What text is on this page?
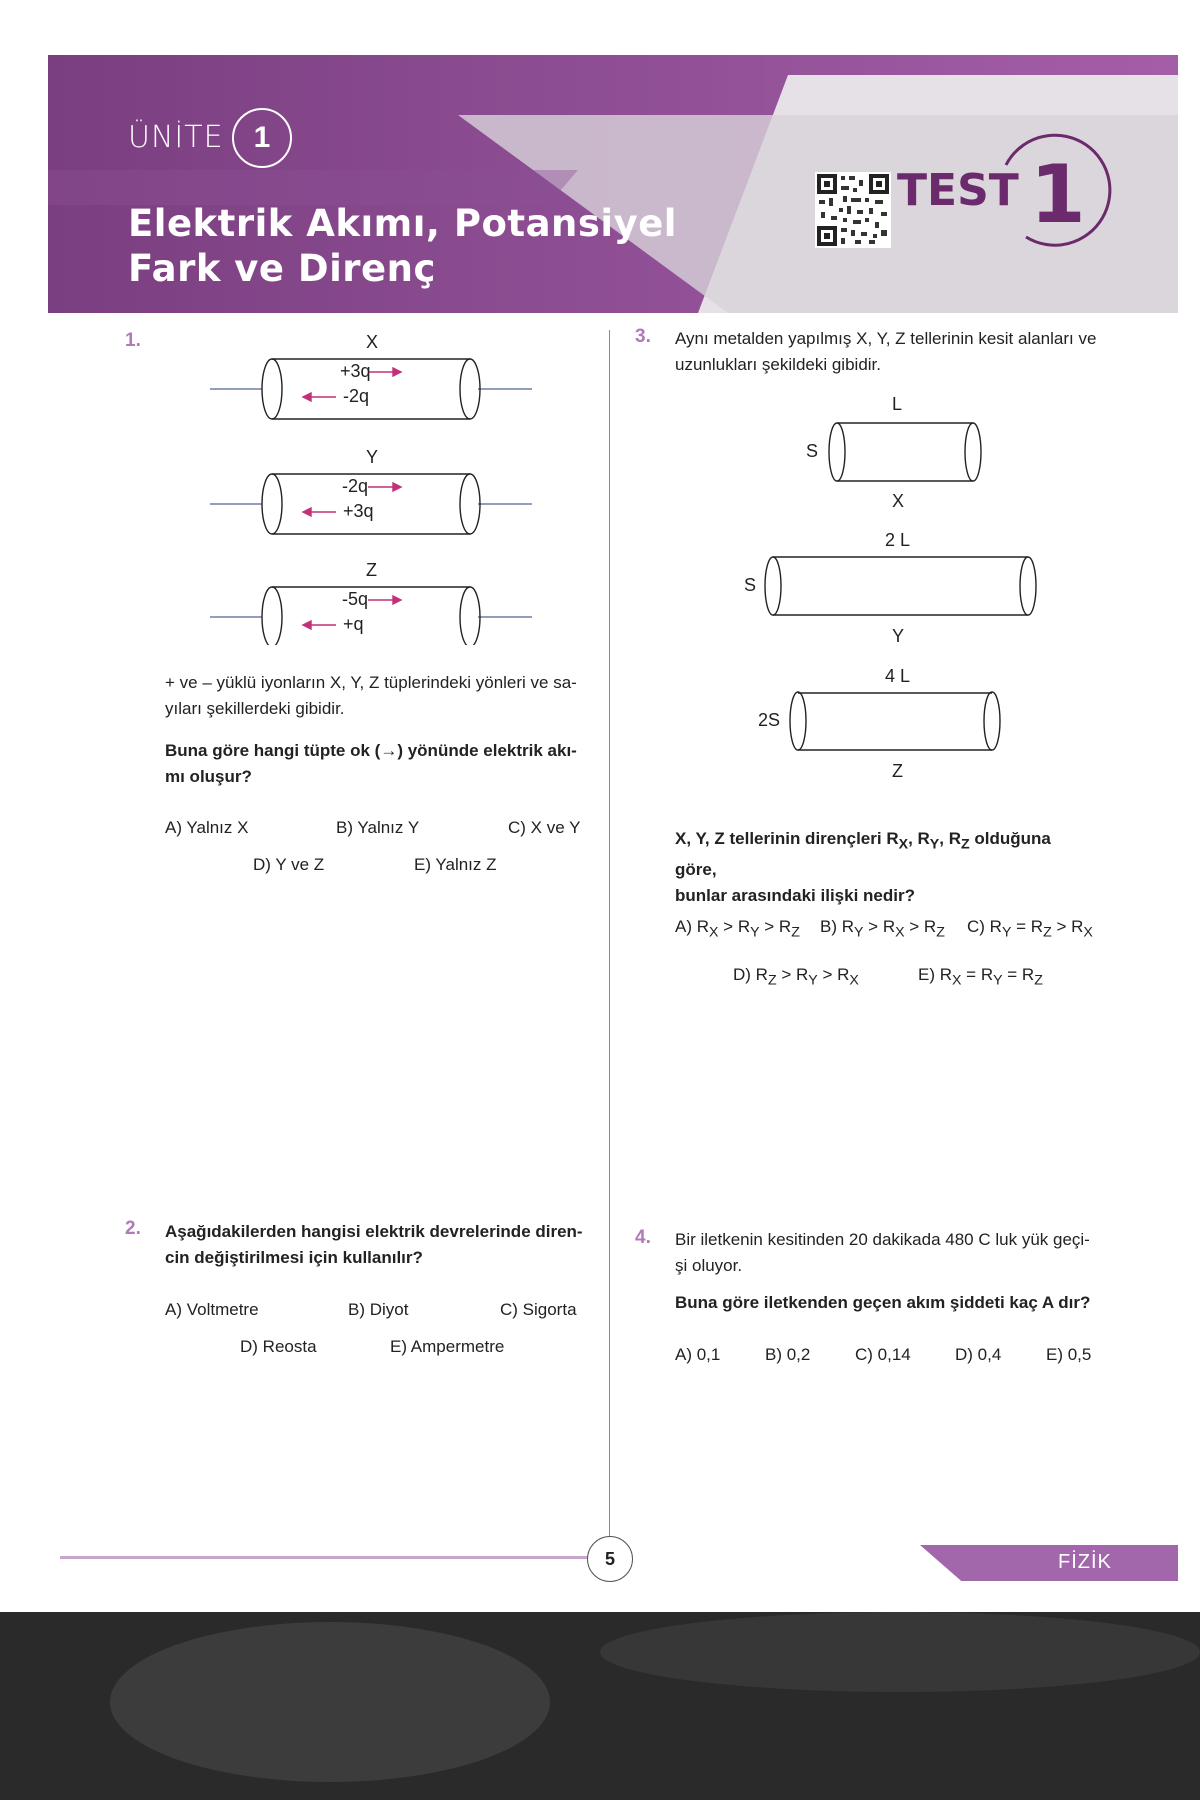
ÜNİTE	1
Elektrik Akımı, Potansiyel
Fark ve Direnç
TEST 1
1.	X
+3q
-2q
Y
-2q
+3q
Z
-5q
+q
+ ve – yüklü iyonların X, Y, Z tüplerindeki yönleri ve sa-
yıları şekillerdeki gibidir.
Buna göre hangi tüpte ok (→) yönünde elektrik akı-
mı oluşur?
A) Yalnız X	B) Yalnız Y	C) X ve Y
D) Y ve Z	E) Yalnız Z
2. Aşağıdakilerden hangisi elektrik devrelerinde diren-
cin değiştirilmesi için kullanılır?
A) Voltmetre	B) Diyot	C) Sigorta
D) Reosta	E) Ampermetre
3. Aynı metalden yapılmış X, Y, Z tellerinin kesit alanları ve
uzunlukları şekildeki gibidir.
L
S
X
2 L
S
Y
4 L
2S
Z
X, Y, Z tellerinin dirençleri $R_X$, $R_Y$, $R_Z$ olduğuna göre,
bunlar arasındaki ilişki nedir?
A) $R_X > R_Y > R_Z$ B) $R_Y > R_X > R_Z$ C) $R_Y = R_Z > R_X$
D) $R_Z > R_Y > R_X$	E) $R_X = R_Y = R_Z$
4. Bir iletkenin kesitinden 20 dakikada 480 C luk yük geçi-
şi oluyor.
Buna göre iletkenden geçen akım şiddeti kaç A dır?
A) 0,1	B) 0,2	C) 0,14	D) 0,4	E) 0,5
5	FİZİK
